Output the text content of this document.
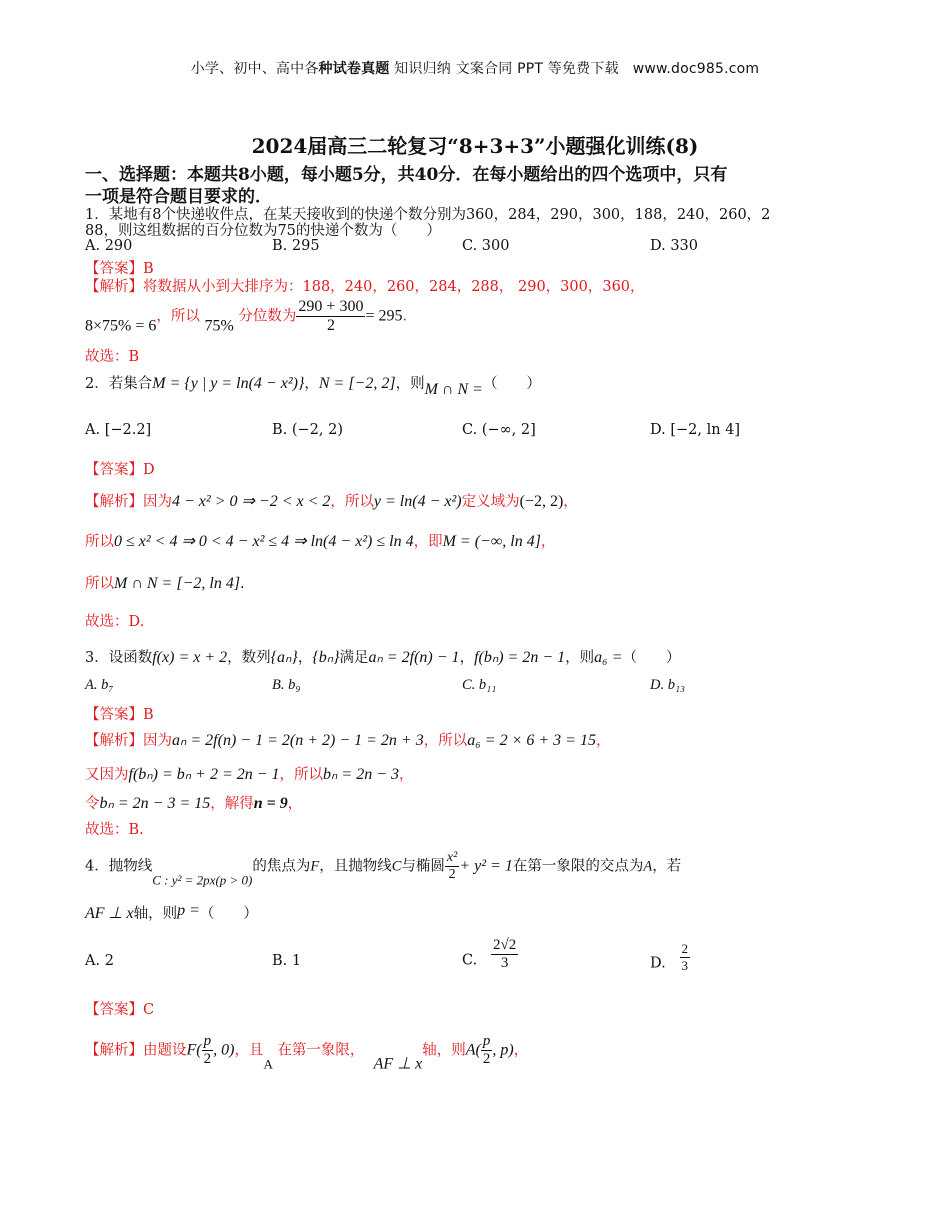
小学、初中、高中各种试卷真题 知识归纳 文案合同 PPT 等免费下载 www.doc985.com
2024届高三二轮复习“8+3+3”小题强化训练(8)
一、选择题：本题共8小题，每小题5分，共40分．在每小题给出的四个选项中，只有
一项是符合题目要求的．
1．某地有8个快递收件点，在某天接收到的快递个数分别为360，284，290，300，188，240，260，2
88，则这组数据的百分位数为75的快递个数为（　　）
A. 290	B. 295	C. 300	D. 330
【答案】B
【解析】将数据从小到大排序为：188，240，260，284，288， 290，300，360，
8×75% = 6，所以 75% 分位数为 $\frac{290 + 300}{2} = 295$．
故选：B
2．若集合M = {y | y = ln(4 − x²)}，N = [−2, 2]，则M ∩ N =（　　）
A. [−2.2]	B. (−2, 2)	C. (−∞, 2]	D. [−2, ln 4]
【答案】D
【解析】因为4 − x² > 0 ⇒ −2 < x < 2，所以y = ln(4 − x²)定义域为(−2, 2)，
所以0 ≤ x² < 4 ⇒ 0 < 4 − x² ≤ 4 ⇒ ln(4 − x²) ≤ ln 4，即M = (−∞, ln 4]，
所以M ∩ N = [−2, ln 4].
故选：D.
3．设函数f(x) = x + 2，数列{aₙ}，{bₙ}满足aₙ = 2f(n) − 1，f(bₙ) = 2n − 1，则a₆ =（　　）
A. b₇	B. b₉	C. b₁₁	D. b₁₃
【答案】B
【解析】因为aₙ = 2f(n) − 1 = 2(n + 2) − 1 = 2n + 3，所以a₆ = 2 × 6 + 3 = 15，
又因为f(bₙ) = bₙ + 2 = 2n − 1，所以bₙ = 2n − 3，
令bₙ = 2n − 3 = 15，解得n = 9，
故选：B.
4．抛物线C : y² = 2px(p > 0)的焦点为F，且抛物线C与椭圆 $\frac{\text{x²}}{2} + y^2 = 1$在第一象限的交点为A，若
AF ⊥ x轴，则p =（　　）
A. 2	B. 1	C. $\frac{2√2}{3}$	D. $\frac{2}{3}$
【答案】C
【解析】由题设$F( \frac{p}{2}$ , 0)，且A 在第一象限，  AF ⊥ x轴，则$A( \frac{p}{2}$ , p)，
